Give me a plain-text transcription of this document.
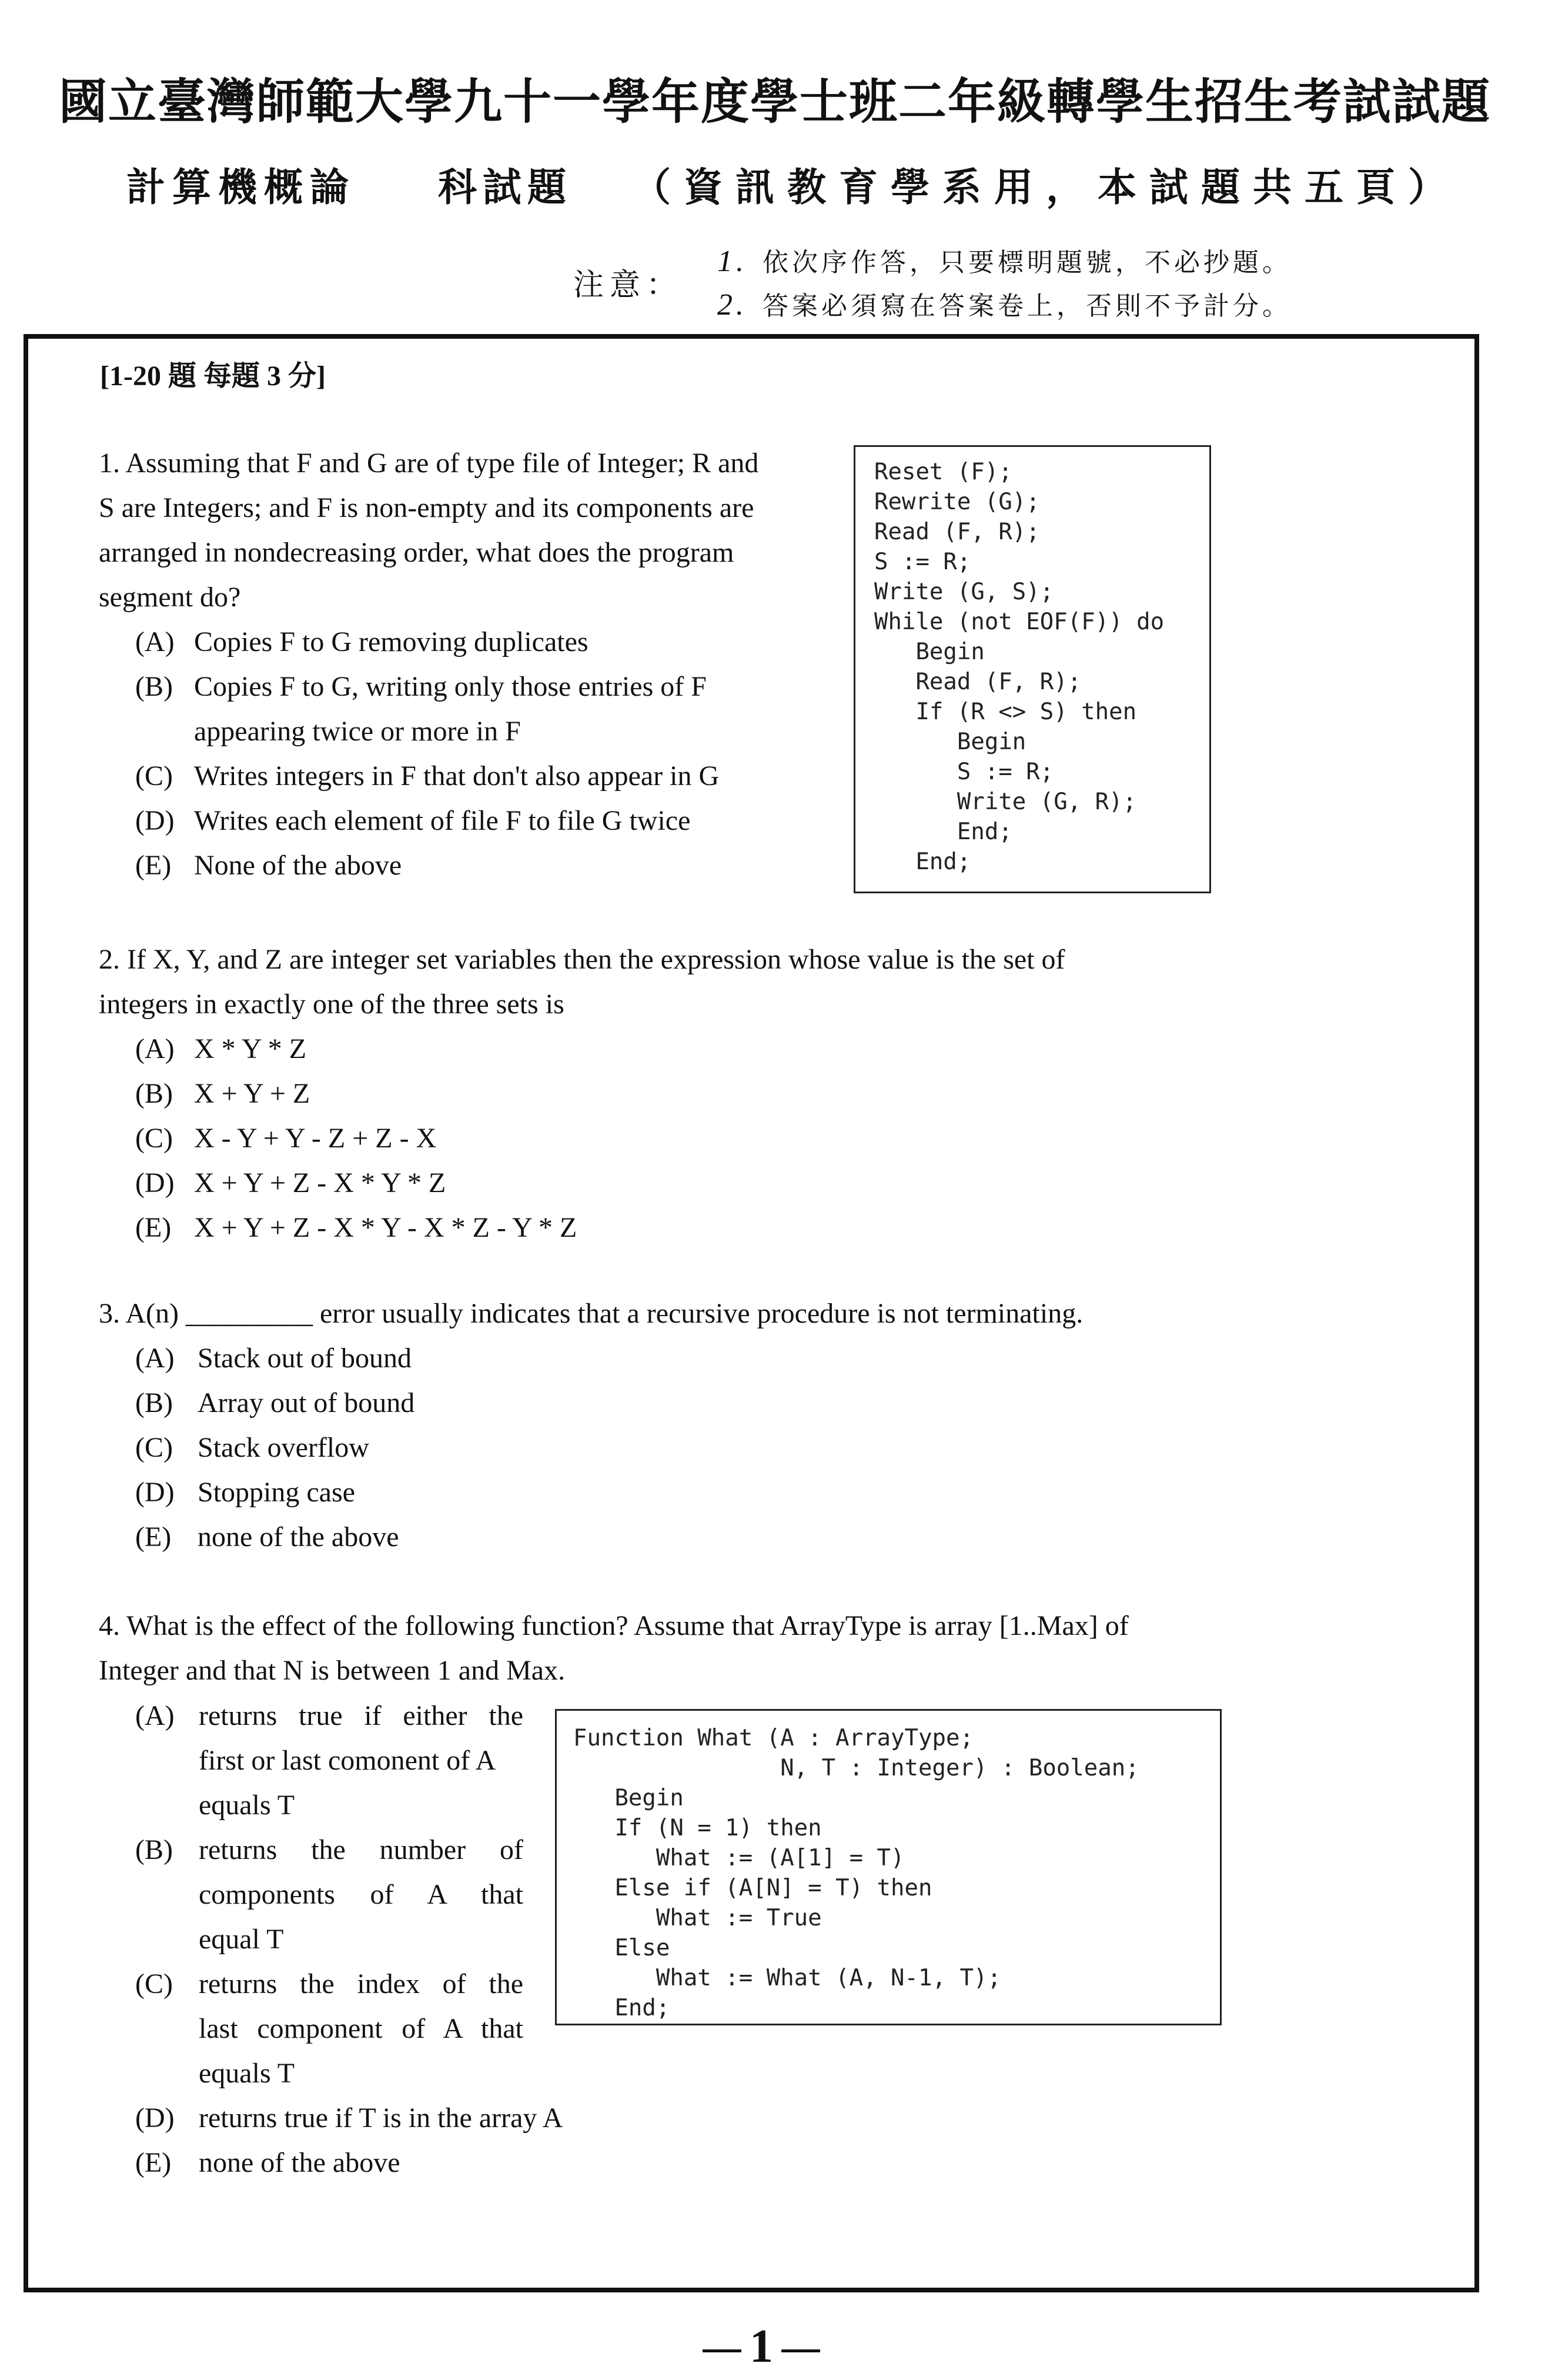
國立臺灣師範大學九十一學年度學士班二年級轉學生招生考試試題
計算機概論 科試題 （資訊教育學系用，本試題共五頁）
注意：
1. 依次序作答，只要標明題號，不必抄題。
2. 答案必須寫在答案卷上，否則不予計分。
[1-20 題 每題 3 分]
1. Assuming that F and G are of type file of Integer; R and
S are Integers; and F is non-empty and its components are
arranged in nondecreasing order, what does the program
segment do?
(A) Copies F to G removing duplicates
(B) Copies F to G, writing only those entries of F
appearing twice or more in F
(C) Writes integers in F that don't also appear in G
(D) Writes each element of file F to file G twice
(E) None of the above
Reset (F);
Rewrite (G);
Read (F, R);
S := R;
Write (G, S);
While (not EOF(F)) do
Begin
Read (F, R);
If (R <> S) then
Begin
S := R;
Write (G, R);
End;
End;
2. If X, Y, and Z are integer set variables then the expression whose value is the set of
integers in exactly one of the three sets is
(A) X * Y * Z
(B) X + Y + Z
(C) X - Y + Y - Z + Z - X
(D) X + Y + Z - X * Y * Z
(E) X + Y + Z - X * Y - X * Z - Y * Z
3. A(n) _________ error usually indicates that a recursive procedure is not terminating.
(A) Stack out of bound
(B) Array out of bound
(C) Stack overflow
(D) Stopping case
(E) none of the above
4. What is the effect of the following function? Assume that ArrayType is array [1..Max] of
Integer and that N is between 1 and Max.
(A) returns true if either the
first or last comonent of A
equals T
(B) returns the number of
components of A that
equal T
(C) returns the index of the
last component of A that
equals T
(D) returns true if T is in the array A
(E) none of the above
Function What (A : ArrayType;
N, T : Integer) : Boolean;
Begin
If (N = 1) then
What := (A[1] = T)
Else if (A[N] = T) then
What := True
Else
What := What (A, N-1, T);
End;
1
